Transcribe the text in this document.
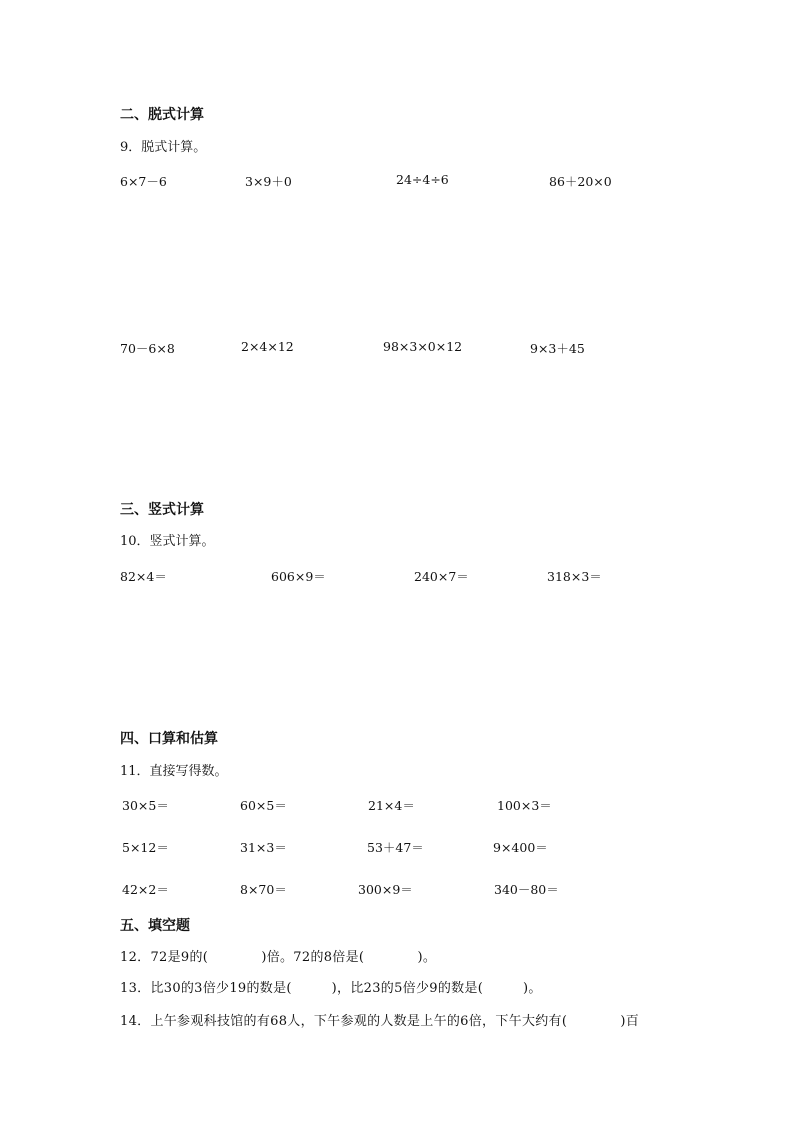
二、脱式计算
9．脱式计算。
6×7－6	3×9＋0	24÷4÷6	86＋20×0
70－6×8	2×4×12	98×3×0×12	9×3＋45
三、竖式计算
10．竖式计算。
82×4＝	606×9＝	240×7＝	318×3＝
四、口算和估算
11．直接写得数。
30×5＝	60×5＝	21×4＝	100×3＝
5×12＝	31×3＝	53＋47＝	9×400＝
42×2＝	8×70＝	300×9＝	340－80＝
五、填空题
12．72是9的(　　　　)倍。72的8倍是(　　　　)。
13．比30的3倍少19的数是(　　　)，比23的5倍少9的数是(　　　)。
14．上午参观科技馆的有68人，下午参观的人数是上午的6倍，下午大约有(　　　　)百
